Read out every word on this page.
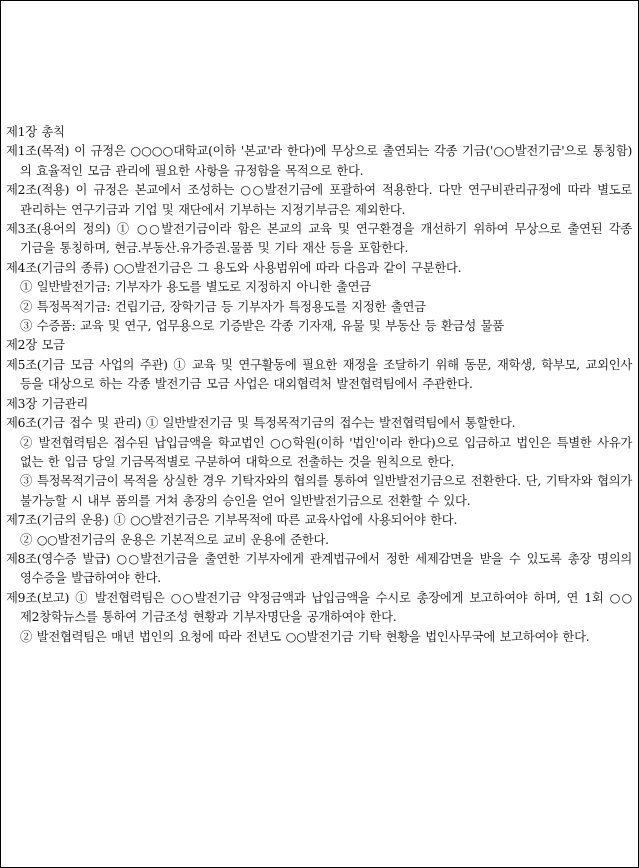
제1장 총칙

제1조(목적) 이 규정은 ○○○○대학교(이하 '본교'라 한다)에 무상으로 출연되는 각종 기금('○○발전기금'으로 통칭함)의 효율적인 모금 관리에 필요한 사항을 규정함을 목적으로 한다.

제2조(적용) 이 규정은 본교에서 조성하는 ○○발전기금에 포괄하여 적용한다. 다만 연구비관리규정에 따라 별도로 관리하는 연구기금과 기업 및 재단에서 기부하는 지정기부금은 제외한다.

제3조(용어의 정의) ① ○○발전기금이라 함은 본교의 교육 및 연구환경을 개선하기 위하여 무상으로 출연된 각종 기금을 통칭하며, 현금.부동산.유가증권.물품 및 기타 재산 등을 포함한다.

제4조(기금의 종류) ○○발전기금은 그 용도와 사용범위에 따라 다음과 같이 구분한다.

① 일반발전기금: 기부자가 용도를 별도로 지정하지 아니한 출연금

② 특정목적기금: 건립기금, 장학기금 등 기부자가 특정용도를 지정한 출연금

③ 수증품: 교육 및 연구, 업무용으로 기증받은 각종 기자재, 유물 및 부동산 등 환금성 물품

제2장 모금

제5조(기금 모금 사업의 주관) ① 교육 및 연구활동에 필요한 재정을 조달하기 위해 동문, 재학생, 학부모, 교외인사 등을 대상으로 하는 각종 발전기금 모금 사업은 대외협력처 발전협력팀에서 주관한다.

제3장 기금관리

제6조(기금 접수 및 관리) ① 일반발전기금 및 특정목적기금의 접수는 발전협력팀에서 통할한다.

② 발전협력팀은 접수된 납입금액을 학교법인 ○○학원(이하 '법인'이라 한다)으로 입금하고 법인은 특별한 사유가 없는 한 입금 당일 기금목적별로 구분하여 대학으로 전출하는 것을 원칙으로 한다.

③ 특정목적기금이 목적을 상실한 경우 기탁자와의 협의를 통하여 일반발전기금으로 전환한다. 단, 기탁자와 협의가 불가능할 시 내부 품의를 거쳐 총장의 승인을 얻어 일반발전기금으로 전환할 수 있다.

제7조(기금의 운용) ① ○○발전기금은 기부목적에 따른 교육사업에 사용되어야 한다.

② ○○발전기금의 운용은 기본적으로 교비 운용에 준한다.

제8조(영수증 발급) ○○발전기금을 출연한 기부자에게 관계법규에서 정한 세제감면을 받을 수 있도록 총장 명의의 영수증을 발급하여야 한다.

제9조(보고) ① 발전협력팀은 ○○발전기금 약정금액과 납입금액을 수시로 총장에게 보고하여야 하며, 연 1회 ○○제2창학뉴스를 통하여 기금조성 현황과 기부자명단을 공개하여야 한다.

② 발전협력팀은 매년 법인의 요청에 따라 전년도 ○○발전기금 기탁 현황을 법인사무국에 보고하여야 한다.
